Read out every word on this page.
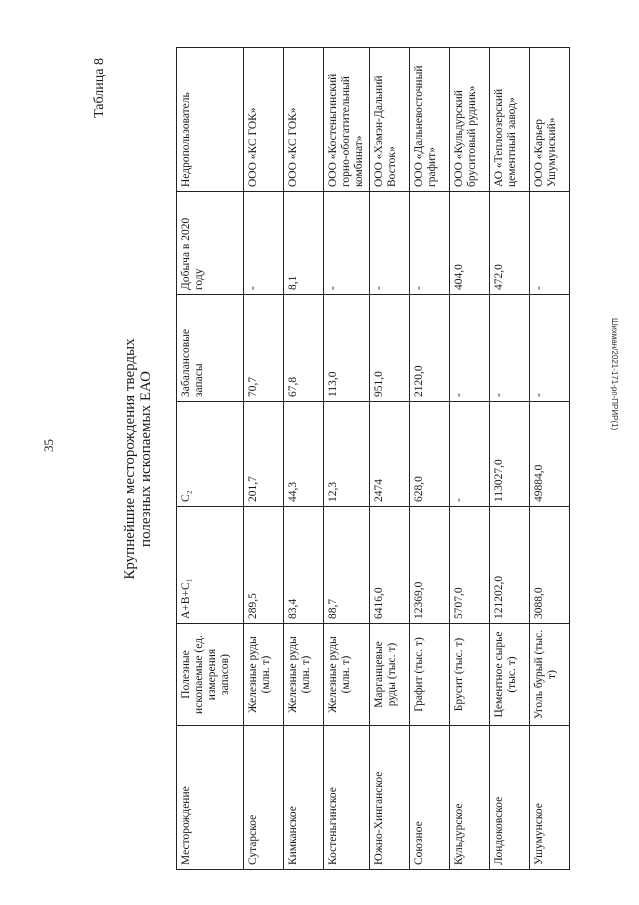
35
Шихман/2021-171-рп-ПРИР(1)
Таблица 8
Крупнейшие месторождения твердых полезных ископаемых ЕАО
Месторождение	Полезные ископаемые (ед. измерения запасов)	A+B+C₁	C₂	Забалансовые запасы	Добыча в 2020 году	Недропользователь
Сутарское	Железные руды (млн. т)	289,5	201,7	70,7	-	ООО «КС ГОК»
Кимканское	Железные руды (млн. т)	83,4	44,3	67,8	8,1	ООО «КС ГОК»
Костеньгинское	Железные руды (млн. т)	88,7	12,3	113,0	-	ООО «Костеньгинский горно-обогатительный комбинат»
Южно-Хинганское	Марганцевые руды (тыс. т)	6416,0	2474	951,0	-	ООО «Хэмэн-Дальний Восток»
Союзное	Графит (тыс. т)	12369,0	628,0	2120,0	-	ООО «Дальневосточный графит»
Кульдурское	Брусит (тыс. т)	5707,0	-	-	404,0	ООО «Кульдурский бруситовый рудник»
Лондоковское	Цементное сырье (тыс. т)	121202,0	113027,0	-	472,0	АО «Теплоозерский цементный завод»
Ушумунское	Уголь бурый (тыс. т)	3088,0	49884,0	-	-	ООО «Карьер Ушумунский»
